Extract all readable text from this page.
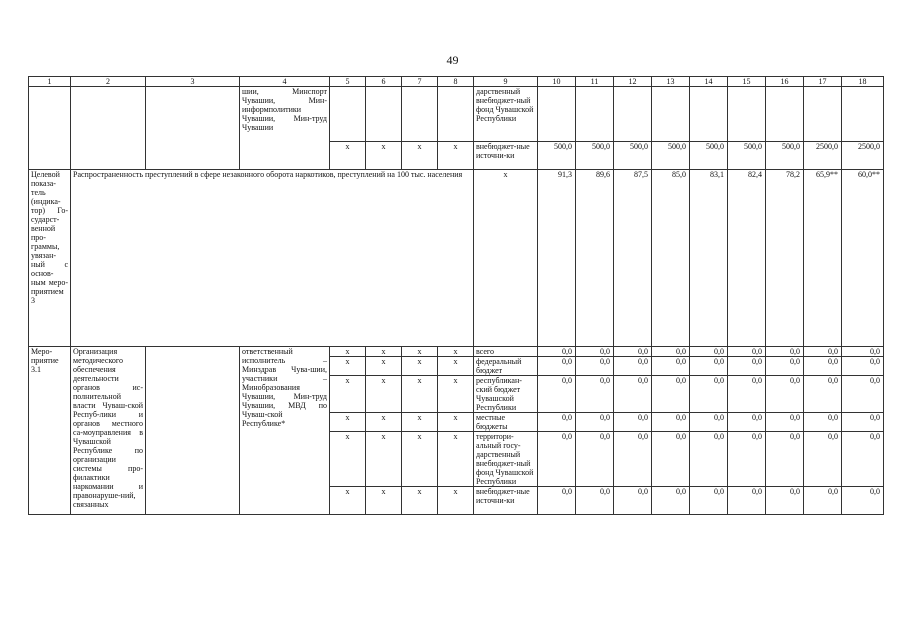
49
1	2	3	4	5	6	7	8	9	10	11	12	13	14	15	16	17	18
			шии, Минспорт Чувашии, Мин-информполитики Чувашии, Мин-труд Чувашии					дарственный внебюджет-ный фонд Чувашской Республики									
				x	x	x	x	внебюджет-ные источни-ки	500,0	500,0	500,0	500,0	500,0	500,0	500,0	2500,0	2500,0
Целевой показа-тель (индика-тор) Го-сударст-венной про-граммы, увязан-ный с основ-ным меро-приятием 3	Распространенность преступлений в сфере незаконного оборота наркотиков, преступлений на 100 тыс. населения							x	91,3	89,6	87,5	85,0	83,1	82,4	78,2	65,9**	60,0**
Меро-приятие 3.1	Организация методического обеспечения деятельности органов ис-полнительной власти Чуваш-ской Респуб-лики и органов местного са-моуправления в Чувашской Республике по организации системы про-филактики наркомании и правонаруше-ний, связанных		ответственный исполнитель – Минздрав Чува-шии, участники – Минобразования Чувашии, Мин-труд Чувашии, МВД по Чуваш-ской Республике*	x	x	x	x	всего	0,0	0,0	0,0	0,0	0,0	0,0	0,0	0,0	0,0
				x	x	x	x	федеральный бюджет	0,0	0,0	0,0	0,0	0,0	0,0	0,0	0,0	0,0
				x	x	x	x	республикан-ский бюджет Чувашской Республики	0,0	0,0	0,0	0,0	0,0	0,0	0,0	0,0	0,0
				x	x	x	x	местные бюджеты	0,0	0,0	0,0	0,0	0,0	0,0	0,0	0,0	0,0
				x	x	x	x	территори-альный госу-дарственный внебюджет-ный фонд Чувашской Республики	0,0	0,0	0,0	0,0	0,0	0,0	0,0	0,0	0,0
				x	x	x	x	внебюджет-ные источни-ки	0,0	0,0	0,0	0,0	0,0	0,0	0,0	0,0	0,0
